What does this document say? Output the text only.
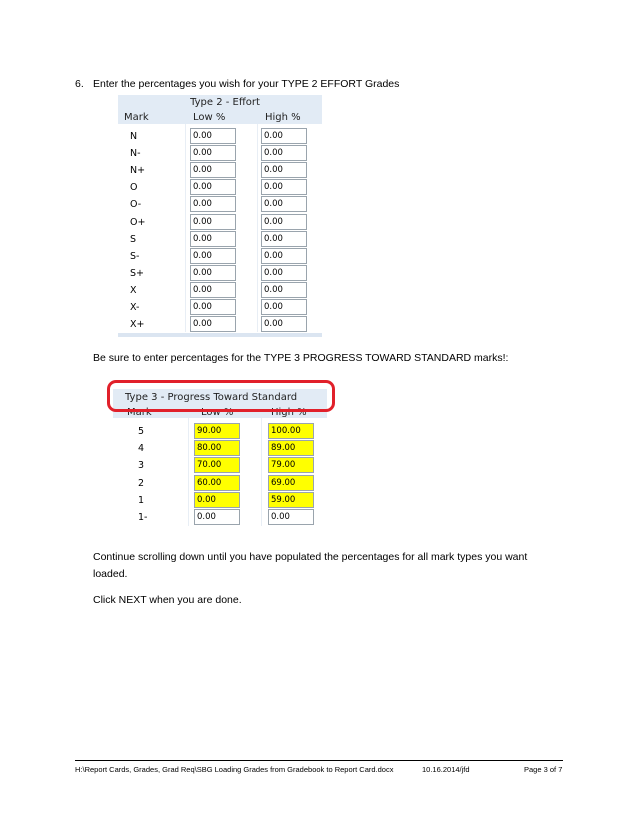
6. Enter the percentages you wish for your TYPE 2 EFFORT Grades
Type 2 - Effort
Mark	Low %	High %
N	0.00	0.00
N-	0.00	0.00
N+	0.00	0.00
O	0.00	0.00
O-	0.00	0.00
O+	0.00	0.00
S	0.00	0.00
S-	0.00	0.00
S+	0.00	0.00
X	0.00	0.00
X-	0.00	0.00
X+	0.00	0.00

Be sure to enter percentages for the TYPE 3 PROGRESS TOWARD STANDARD marks!:

Type 3 - Progress Toward Standard
Mark	Low %	High %
5	90.00	100.00
4	80.00	89.00
3	70.00	79.00
2	60.00	69.00
1	0.00	59.00
1-	0.00	0.00

Continue scrolling down until you have populated the percentages for all mark types you want loaded.

Click NEXT when you are done.

H:\Report Cards, Grades, Grad Req\SBG Loading Grades from Gradebook to Report Card.docx	10.16.2014/jfd	Page 3 of 7
